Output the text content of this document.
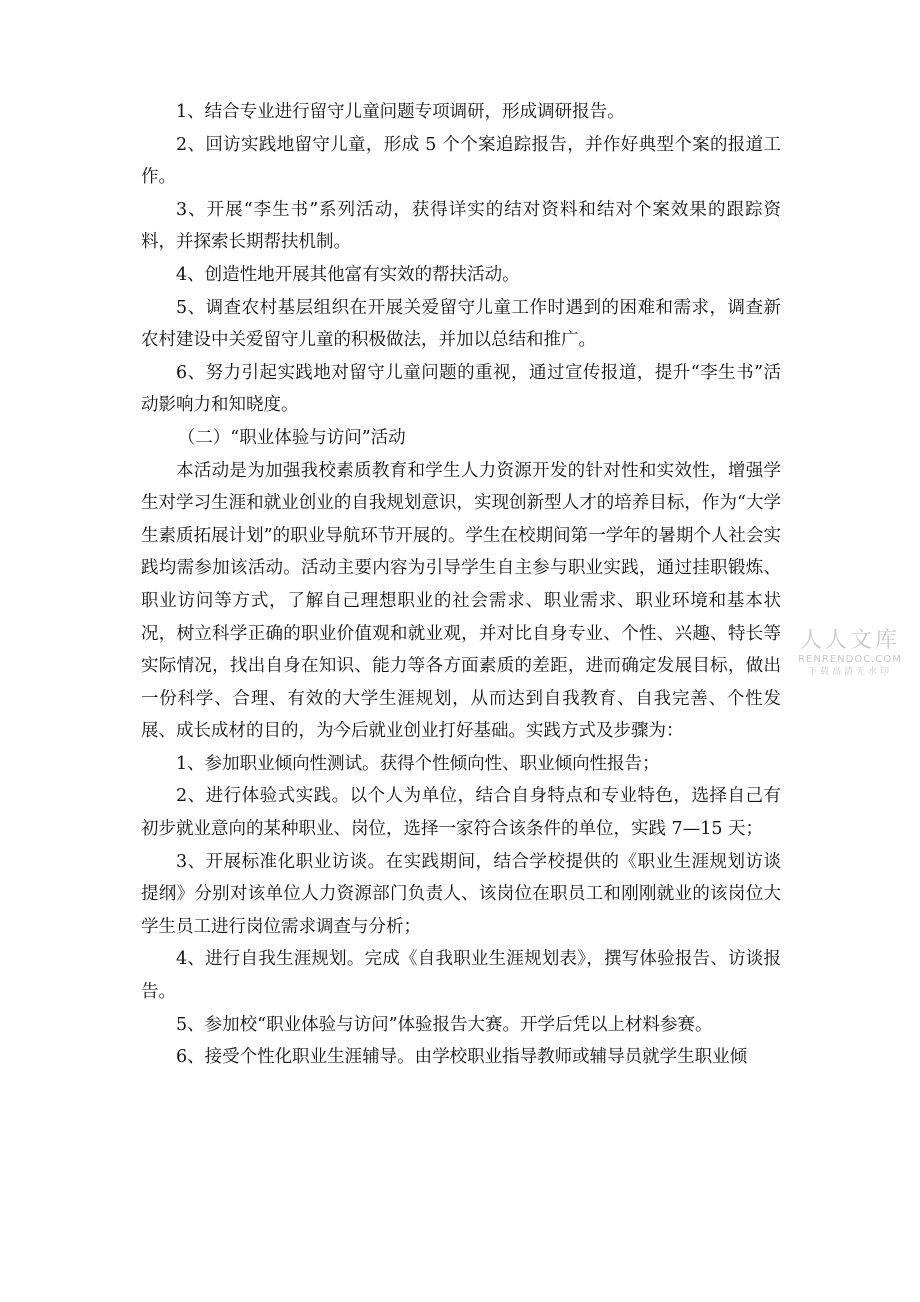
1、结合专业进行留守儿童问题专项调研，形成调研报告。

2、回访实践地留守儿童，形成 5 个个案追踪报告，并作好典型个案的报道工作。

3、开展“李生书”系列活动，获得详实的结对资料和结对个案效果的跟踪资料，并探索长期帮扶机制。

4、创造性地开展其他富有实效的帮扶活动。

5、调查农村基层组织在开展关爱留守儿童工作时遇到的困难和需求，调查新农村建设中关爱留守儿童的积极做法，并加以总结和推广。

6、努力引起实践地对留守儿童问题的重视，通过宣传报道，提升“李生书”活动影响力和知晓度。

（二）“职业体验与访问”活动

本活动是为加强我校素质教育和学生人力资源开发的针对性和实效性，增强学生对学习生涯和就业创业的自我规划意识，实现创新型人才的培养目标，作为“大学生素质拓展计划”的职业导航环节开展的。学生在校期间第一学年的暑期个人社会实践均需参加该活动。活动主要内容为引导学生自主参与职业实践，通过挂职锻炼、职业访问等方式，了解自己理想职业的社会需求、职业需求、职业环境和基本状况，树立科学正确的职业价值观和就业观，并对比自身专业、个性、兴趣、特长等实际情况，找出自身在知识、能力等各方面素质的差距，进而确定发展目标，做出一份科学、合理、有效的大学生涯规划，从而达到自我教育、自我完善、个性发展、成长成材的目的，为今后就业创业打好基础。实践方式及步骤为：

1、参加职业倾向性测试。获得个性倾向性、职业倾向性报告；

2、进行体验式实践。以个人为单位，结合自身特点和专业特色，选择自己有初步就业意向的某种职业、岗位，选择一家符合该条件的单位，实践 7—15 天；

3、开展标准化职业访谈。在实践期间，结合学校提供的《职业生涯规划访谈提纲》分别对该单位人力资源部门负责人、该岗位在职员工和刚刚就业的该岗位大学生员工进行岗位需求调查与分析；

4、进行自我生涯规划。完成《自我职业生涯规划表》，撰写体验报告、访谈报告。

5、参加校“职业体验与访问”体验报告大赛。开学后凭以上材料参赛。

6、接受个性化职业生涯辅导。由学校职业指导教师或辅导员就学生职业倾

人人文库
RENRENDOC.COM
下载高清无水印
